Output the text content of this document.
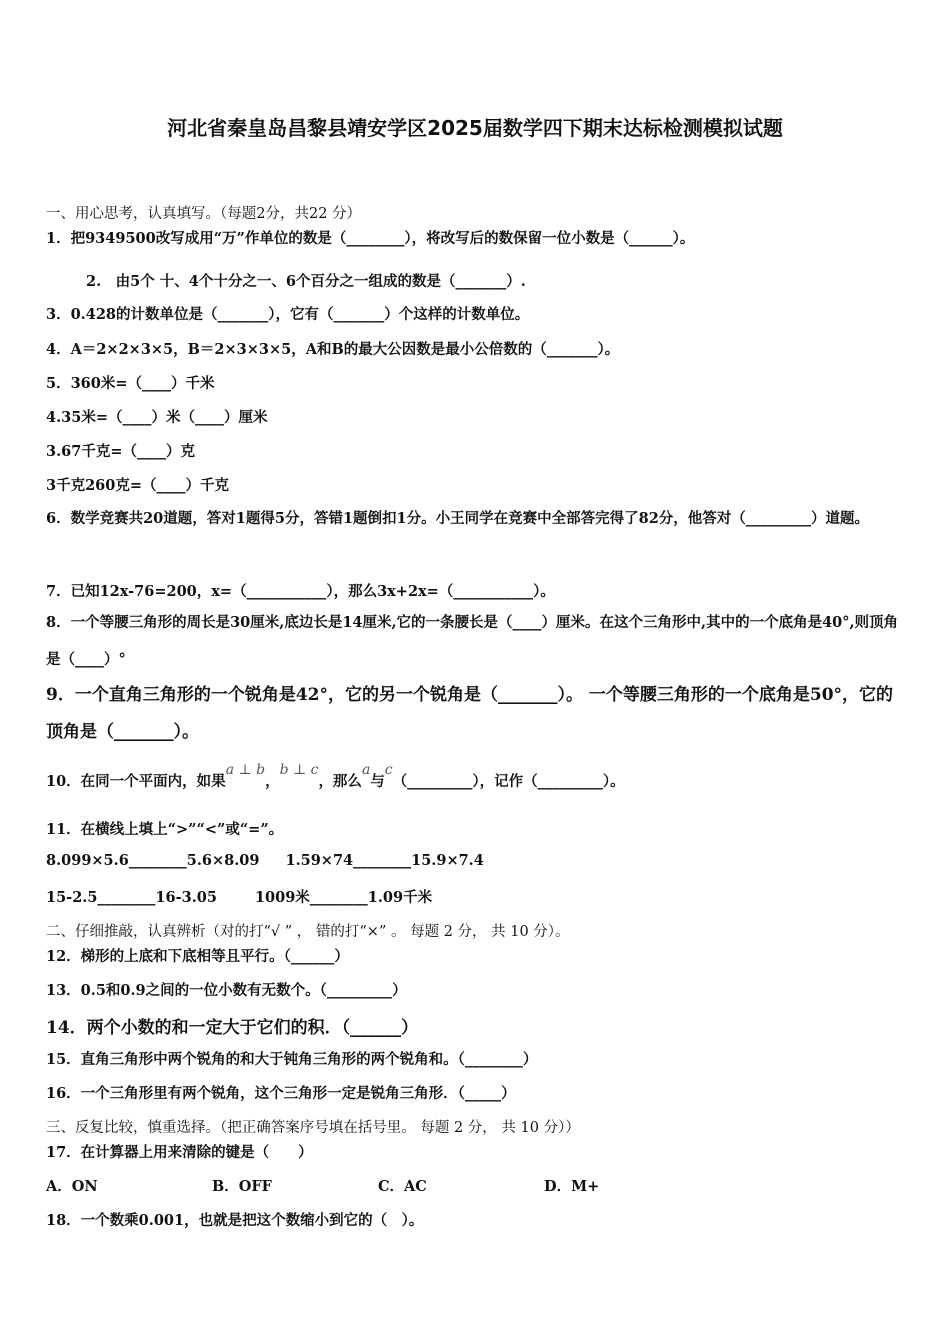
河北省秦皇岛昌黎县靖安学区2025届数学四下期末达标检测模拟试题
一、用心思考，认真填写。（每题2分，共22 分）
1．把9349500改写成用“万”作单位的数是（________），将改写后的数保留一位小数是（______）。
2.　由5个 十、4个十分之一、6个百分之一组成的数是（_______）.
3．0.428的计数单位是（_______），它有（_______）个这样的计数单位。
4．A＝2×2×3×5，B＝2×3×3×5，A和B的最大公因数是最小公倍数的（_______）。
5．360米=（____）千米
4.35米=（____）米（____）厘米
3.67千克=（____）克
3千克260克=（____）千克
6．数学竞赛共20道题，答对1题得5分，答错1题倒扣1分。小王同学在竞赛中全部答完得了82分，他答对（_________）道题。
7．已知12x-76=200，x=（___________），那么3x+2x=（___________）。
8．一个等腰三角形的周长是30厘米,底边长是14厘米,它的一条腰长是（____）厘米。在这个三角形中,其中的一个底角是40°,则顶角是（____）°
9．一个直角三角形的一个锐角是42°，它的另一个锐角是（_______）。 一个等腰三角形的一个底角是50°，它的顶角是（_______）。
10．在同一个平面内，如果a ⊥ b，b ⊥ c，那么a与c（_________），记作（_________）。
11．在横线上填上“>”“<”或“=”。
8.099×5.6________5.6×8.09 1.59×74________15.9×7.4
15-2.5________16-3.05	1009米________1.09千米
二、仔细推敲，认真辨析（对的打“√ ” ， 错的打“×” 。 每题 2 分， 共 10 分）。
12．梯形的上底和下底相等且平行。（______）
13．0.5和0.9之间的一位小数有无数个。（_________）
14．两个小数的和一定大于它们的积．（______）
15．直角三角形中两个锐角的和大于钝角三角形的两个锐角和。（________）
16．一个三角形里有两个锐角，这个三角形一定是锐角三角形．（_____）
三、反复比较，慎重选择。（把正确答案序号填在括号里。 每题 2 分， 共 10 分））
17．在计算器上用来清除的键是（　　）
A．ON	B．OFF	C．AC	D．M+
18．一个数乘0.001，也就是把这个数缩小到它的（　）。
